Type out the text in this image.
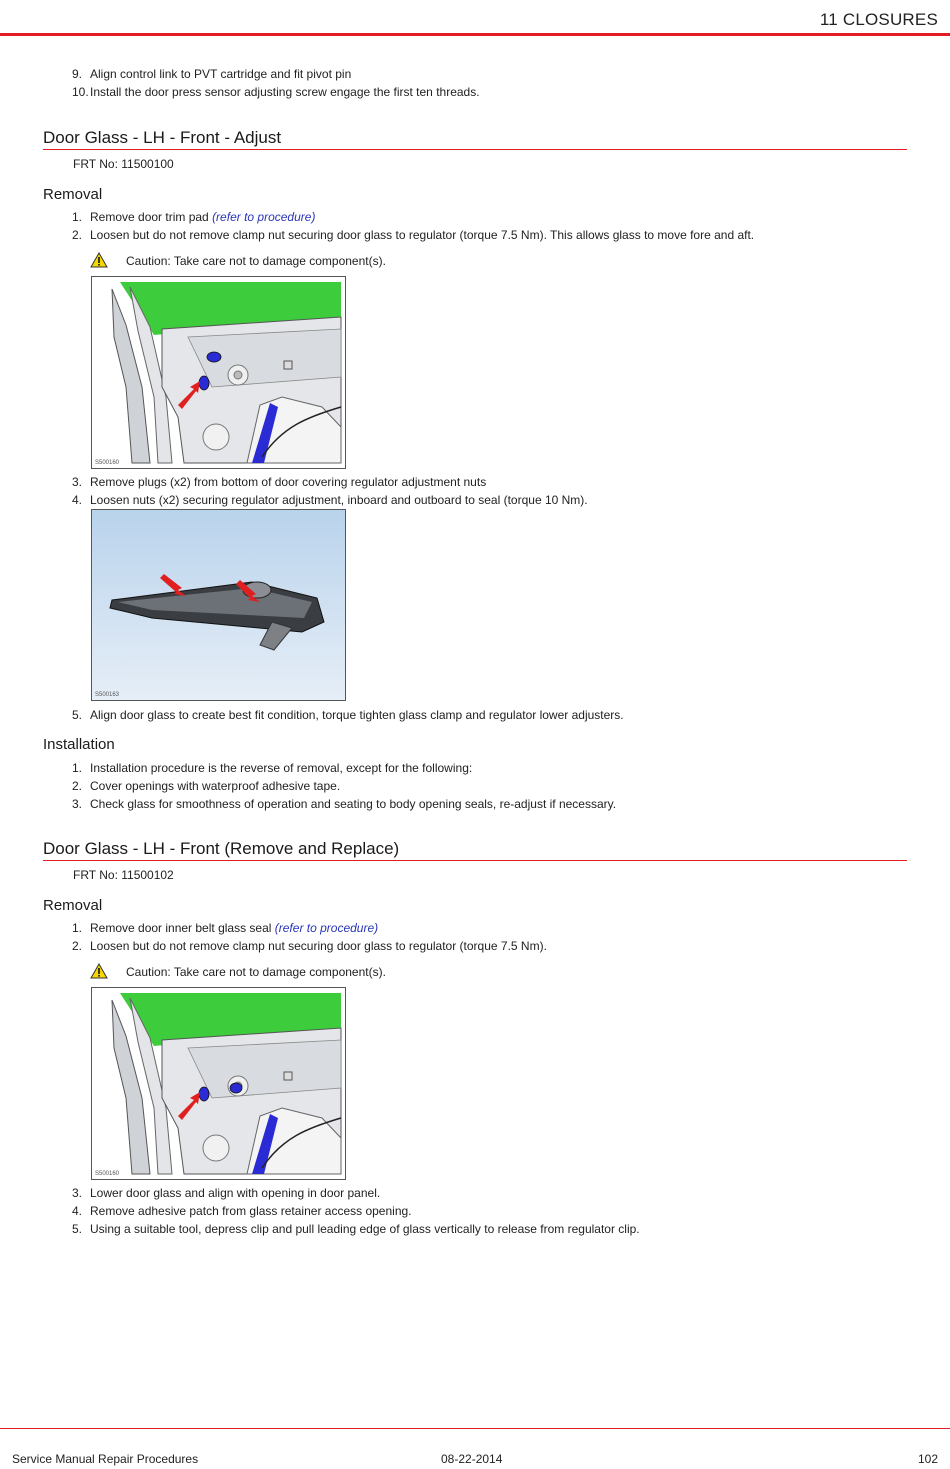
11 CLOSURES
9. Align control link to PVT cartridge and fit pivot pin
10. Install the door press sensor adjusting screw engage the first ten threads.
Door Glass - LH - Front - Adjust
FRT No: 11500100
Removal
1. Remove door trim pad (refer to procedure)
2. Loosen but do not remove clamp nut securing door glass to regulator (torque 7.5 Nm). This allows glass to move fore and aft.
Caution: Take care not to damage component(s).
S500160
3. Remove plugs (x2) from bottom of door covering regulator adjustment nuts
4. Loosen nuts (x2) securing regulator adjustment, inboard and outboard to seal (torque 10 Nm).
S500163
5. Align door glass to create best fit condition, torque tighten glass clamp and regulator lower adjusters.
Installation
1. Installation procedure is the reverse of removal, except for the following:
2. Cover openings with waterproof adhesive tape.
3. Check glass for smoothness of operation and seating to body opening seals, re-adjust if necessary.
Door Glass - LH - Front (Remove and Replace)
FRT No: 11500102
Removal
1. Remove door inner belt glass seal (refer to procedure)
2. Loosen but do not remove clamp nut securing door glass to regulator (torque 7.5 Nm).
Caution: Take care not to damage component(s).
S500160
3. Lower door glass and align with opening in door panel.
4. Remove adhesive patch from glass retainer access opening.
5. Using a suitable tool, depress clip and pull leading edge of glass vertically to release from regulator clip.
Service Manual Repair Procedures	08-22-2014	102
